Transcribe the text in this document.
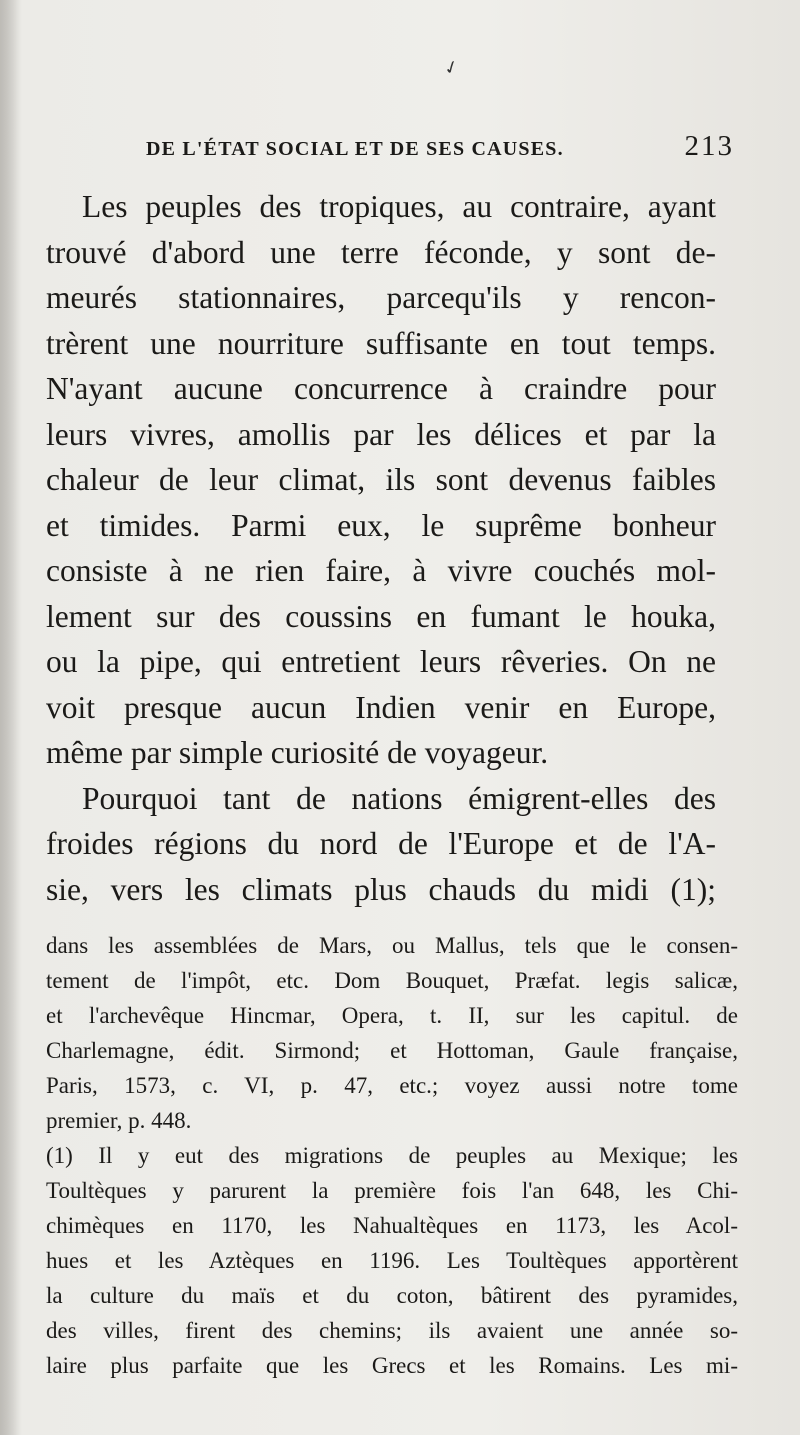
✓
DE L'ÉTAT SOCIAL ET DE SES CAUSES.	213
Les peuples des tropiques, au contraire, ayant
trouvé d'abord une terre féconde, y sont de-
meurés stationnaires, parcequ'ils y rencon-
trèrent une nourriture suffisante en tout temps.
N'ayant aucune concurrence à craindre pour
leurs vivres, amollis par les délices et par la
chaleur de leur climat, ils sont devenus faibles
et timides. Parmi eux, le suprême bonheur
consiste à ne rien faire, à vivre couchés mol-
lement sur des coussins en fumant le houka,
ou la pipe, qui entretient leurs rêveries. On ne
voit presque aucun Indien venir en Europe,
même par simple curiosité de voyageur.
Pourquoi tant de nations émigrent-elles des
froides régions du nord de l'Europe et de l'A-
sie, vers les climats plus chauds du midi (1);
dans les assemblées de Mars, ou Mallus, tels que le consen-
tement de l'impôt, etc. Dom Bouquet, Præfat. legis salicæ,
et l'archevêque Hincmar, Opera, t. II, sur les capitul. de
Charlemagne, édit. Sirmond; et Hottoman, Gaule française,
Paris, 1573, c. VI, p. 47, etc.; voyez aussi notre tome
premier, p. 448.
(1) Il y eut des migrations de peuples au Mexique; les
Toultèques y parurent la première fois l'an 648, les Chi-
chimèques en 1170, les Nahualtèques en 1173, les Acol-
hues et les Aztèques en 1196. Les Toultèques apportèrent
la culture du maïs et du coton, bâtirent des pyramides,
des villes, firent des chemins; ils avaient une année so-
laire plus parfaite que les Grecs et les Romains. Les mi-
